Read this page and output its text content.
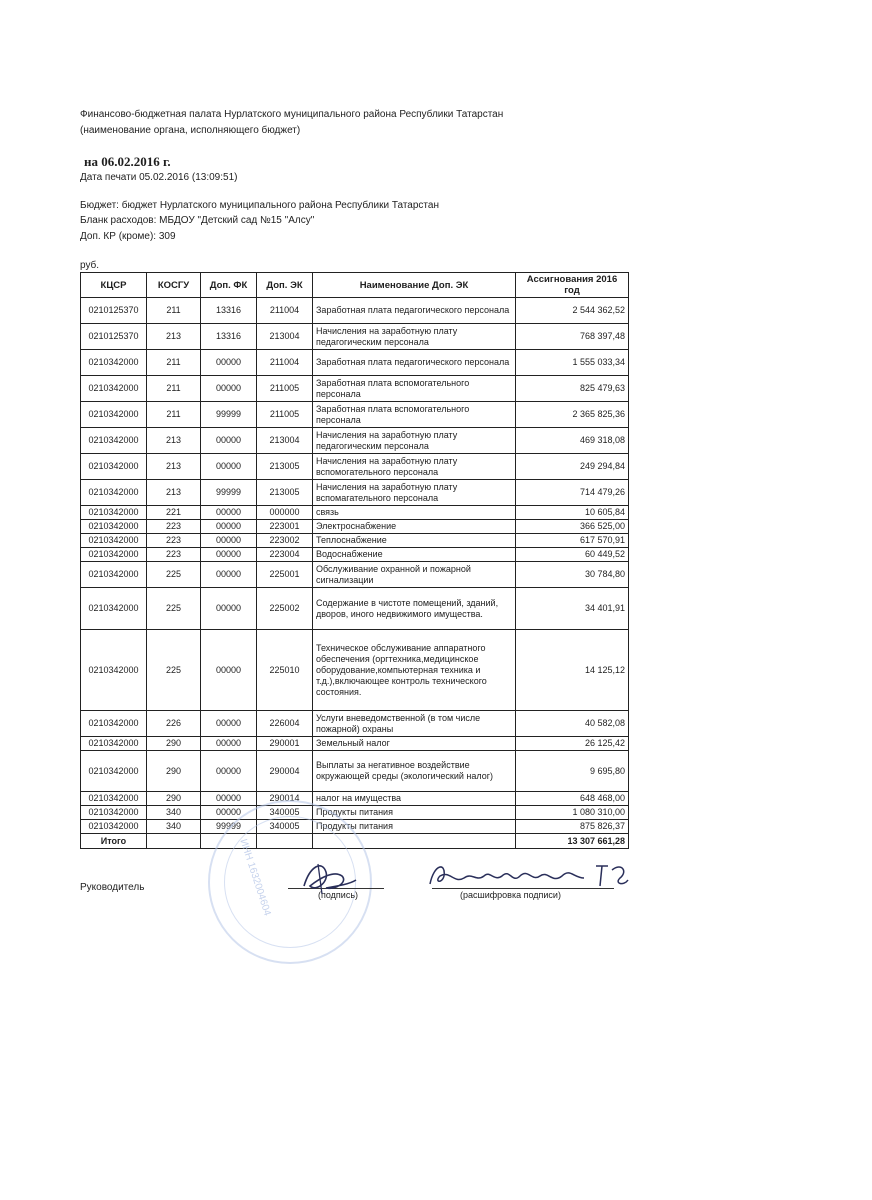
Финансово-бюджетная палата Нурлатского муниципального района Республики Татарстан
(наименование органа, исполняющего бюджет)
на 06.02.2016 г.
Дата печати 05.02.2016 (13:09:51)
Бюджет: бюджет Нурлатского муниципального района Республики Татарстан
Бланк расходов: МБДОУ "Детский сад №15 "Алсу"
Доп. КР (кроме): 309
руб.
КЦСР	КОСГУ	Доп. ФК	Доп. ЭК	Наименование Доп. ЭК	Ассигнования 2016 год
0210125370	211	13316	211004	Заработная плата педагогического персонала	2 544 362,52
0210125370	213	13316	213004	Начисления на заработную плату педагогическим персонала	768 397,48
0210342000	211	00000	211004	Заработная плата педагогического персонала	1 555 033,34
0210342000	211	00000	211005	Заработная плата вспомогательного персонала	825 479,63
0210342000	211	99999	211005	Заработная плата вспомогательного персонала	2 365 825,36
0210342000	213	00000	213004	Начисления на заработную плату педагогическим персонала	469 318,08
0210342000	213	00000	213005	Начисления на заработную плату вспомогательного персонала	249 294,84
0210342000	213	99999	213005	Начисления на заработную плату вспомагательного персонала	714 479,26
0210342000	221	00000	000000	связь	10 605,84
0210342000	223	00000	223001	Электроснабжение	366 525,00
0210342000	223	00000	223002	Теплоснабжение	617 570,91
0210342000	223	00000	223004	Водоснабжение	60 449,52
0210342000	225	00000	225001	Обслуживание охранной и пожарной сигнализации	30 784,80
0210342000	225	00000	225002	Содержание в чистоте помещений, зданий, дворов, иного недвижимого имущества.	34 401,91
0210342000	225	00000	225010	Техническое обслуживание аппаратного обеспечения (оргтехника,медицинское оборудование,компьютерная техника и т.д.),включающее контроль технического состояния.	14 125,12
0210342000	226	00000	226004	Услуги вневедомственной (в том числе пожарной) охраны	40 582,08
0210342000	290	00000	290001	Земельный налог	26 125,42
0210342000	290	00000	290004	Выплаты за негативное воздействие окружающей среды (экологический налог)	9 695,80
0210342000	290	00000	290014	налог на имущества	648 468,00
0210342000	340	00000	340005	Продукты питания	1 080 310,00
0210342000	340	99999	340005	Продукты питания	875 826,37
Итого					13 307 661,28
ИНН 1632004604
Руководитель
(подпись)	(расшифровка подписи)
